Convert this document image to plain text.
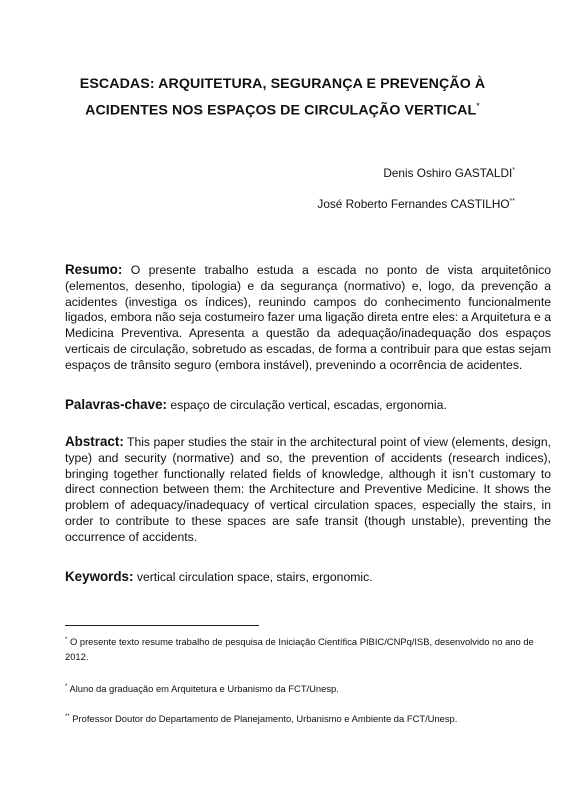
ESCADAS: ARQUITETURA, SEGURANÇA E PREVENÇÃO À
ACIDENTES NOS ESPAÇOS DE CIRCULAÇÃO VERTICAL*
Denis Oshiro GASTALDI*
José Roberto Fernandes CASTILHO**
Resumo: O presente trabalho estuda a escada no ponto de vista arquitetônico (elementos, desenho, tipologia) e da segurança (normativo) e, logo, da prevenção a acidentes (investiga os índices), reunindo campos do conhecimento funcionalmente ligados, embora não seja costumeiro fazer uma ligação direta entre eles: a Arquitetura e a Medicina Preventiva. Apresenta a questão da adequação/inadequação dos espaços verticais de circulação, sobretudo as escadas, de forma a contribuir para que estas sejam espaços de trânsito seguro (embora instável), prevenindo a ocorrência de acidentes.
Palavras-chave: espaço de circulação vertical, escadas, ergonomia.
Abstract: This paper studies the stair in the architectural point of view (elements, design, type) and security (normative) and so, the prevention of accidents (research indices), bringing together functionally related fields of knowledge, although it isn’t customary to direct connection between them: the Architecture and Preventive Medicine. It shows the problem of adequacy/inadequacy of vertical circulation spaces, especially the stairs, in order to contribute to these spaces are safe transit (though unstable), preventing the occurrence of accidents.
Keywords: vertical circulation space, stairs, ergonomic.
* O presente texto resume trabalho de pesquisa de Iniciação Científica PIBIC/CNPq/ISB, desenvolvido no ano de 2012.
* Aluno da graduação em Arquitetura e Urbanismo da FCT/Unesp.
** Professor Doutor do Departamento de Planejamento, Urbanismo e Ambiente da FCT/Unesp.
